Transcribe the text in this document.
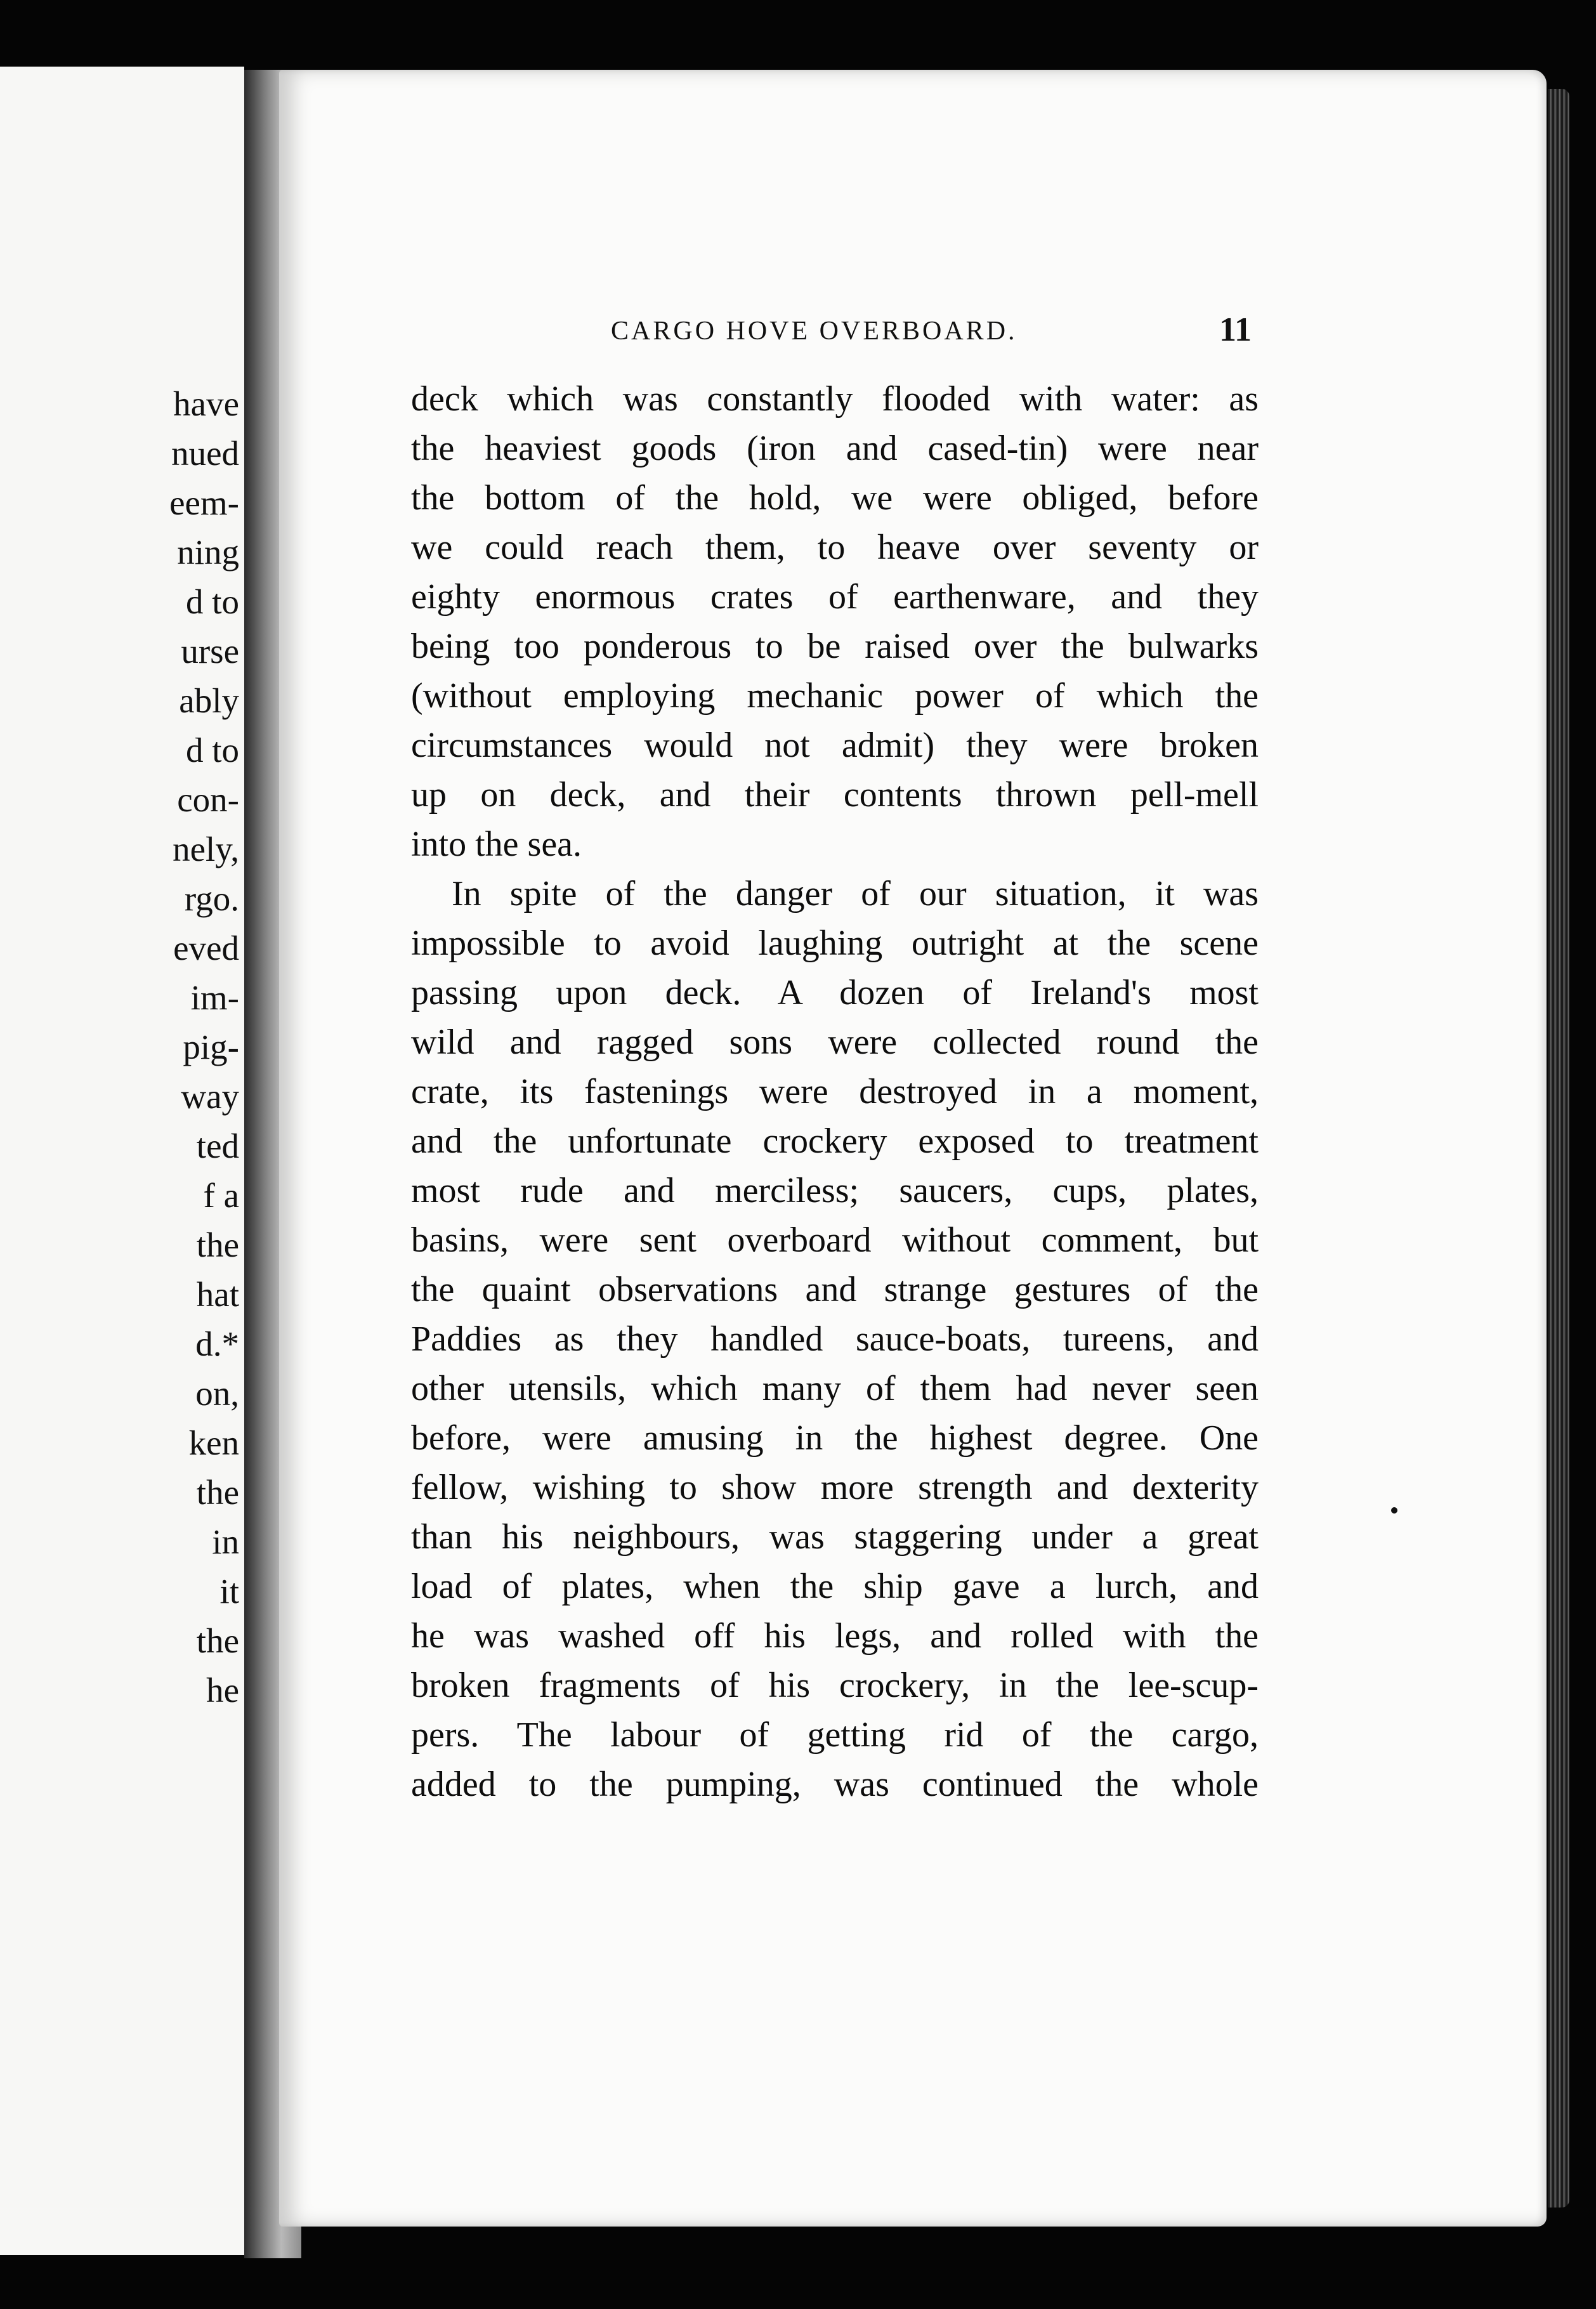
have
nued
eem-
ning
d to
urse
ably
d to
con-
nely,
rgo.
eved
im-
pig-
way
ted
f a
the
hat
d.*
on,
ken
the
in
it
the
he
CARGO HOVE OVERBOARD.	11
deck which was constantly flooded with water: as
the heaviest goods (iron and cased-tin) were near
the bottom of the hold, we were obliged, before
we could reach them, to heave over seventy or
eighty enormous crates of earthenware, and they
being too ponderous to be raised over the bulwarks
(without employing mechanic power of which the
circumstances would not admit) they were broken
up on deck, and their contents thrown pell-mell
into the sea.
In spite of the danger of our situation, it was
impossible to avoid laughing outright at the scene
passing upon deck. A dozen of Ireland's most
wild and ragged sons were collected round the
crate, its fastenings were destroyed in a moment,
and the unfortunate crockery exposed to treatment
most rude and merciless; saucers, cups, plates,
basins, were sent overboard without comment, but
the quaint observations and strange gestures of the
Paddies as they handled sauce-boats, tureens, and
other utensils, which many of them had never seen
before, were amusing in the highest degree. One
fellow, wishing to show more strength and dexterity
than his neighbours, was staggering under a great
load of plates, when the ship gave a lurch, and
he was washed off his legs, and rolled with the
broken fragments of his crockery, in the lee-scup-
pers. The labour of getting rid of the cargo,
added to the pumping, was continued the whole
